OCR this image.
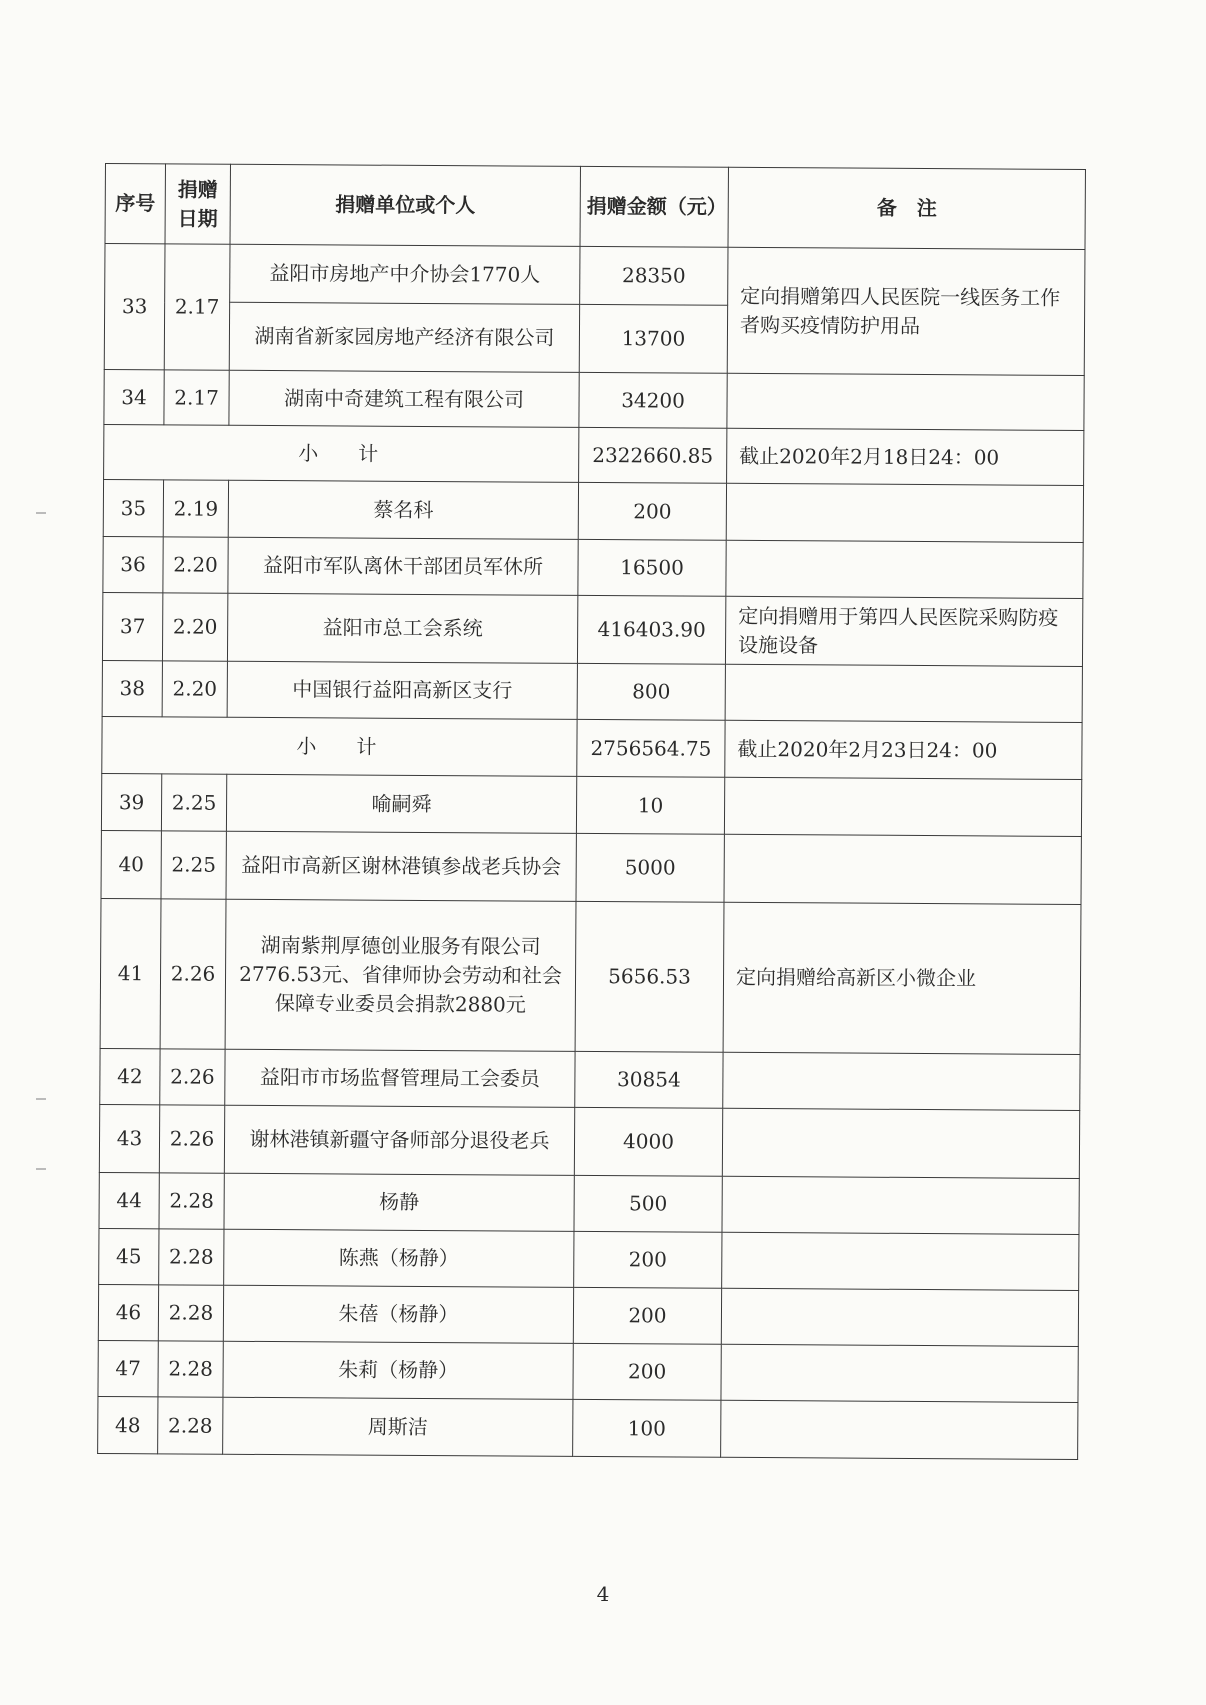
序号	捐赠日期	捐赠单位或个人	捐赠金额（元）	备　注
33	2.17	益阳市房地产中介协会1770人	28350	定向捐赠第四人民医院一线医务工作者购买疫情防护用品
		湖南省新家园房地产经济有限公司	13700	
34	2.17	湖南中奇建筑工程有限公司	34200	
小计			2322660.85	截止2020年2月18日24：00
35	2.19	蔡名科	200	
36	2.20	益阳市军队离休干部团员军休所	16500	
37	2.20	益阳市总工会系统	416403.90	定向捐赠用于第四人民医院采购防疫设施设备
38	2.20	中国银行益阳高新区支行	800	
小计			2756564.75	截止2020年2月23日24：00
39	2.25	喻嗣舜	10	
40	2.25	益阳市高新区谢林港镇参战老兵协会	5000	
41	2.26	湖南紫荆厚德创业服务有限公司2776.53元、省律师协会劳动和社会保障专业委员会捐款2880元	5656.53	定向捐赠给高新区小微企业
42	2.26	益阳市市场监督管理局工会委员	30854	
43	2.26	谢林港镇新疆守备师部分退役老兵	4000	
44	2.28	杨静	500	
45	2.28	陈燕（杨静）	200	
46	2.28	朱蓓（杨静）	200	
47	2.28	朱莉（杨静）	200	
48	2.28	周斯洁	100	
4
